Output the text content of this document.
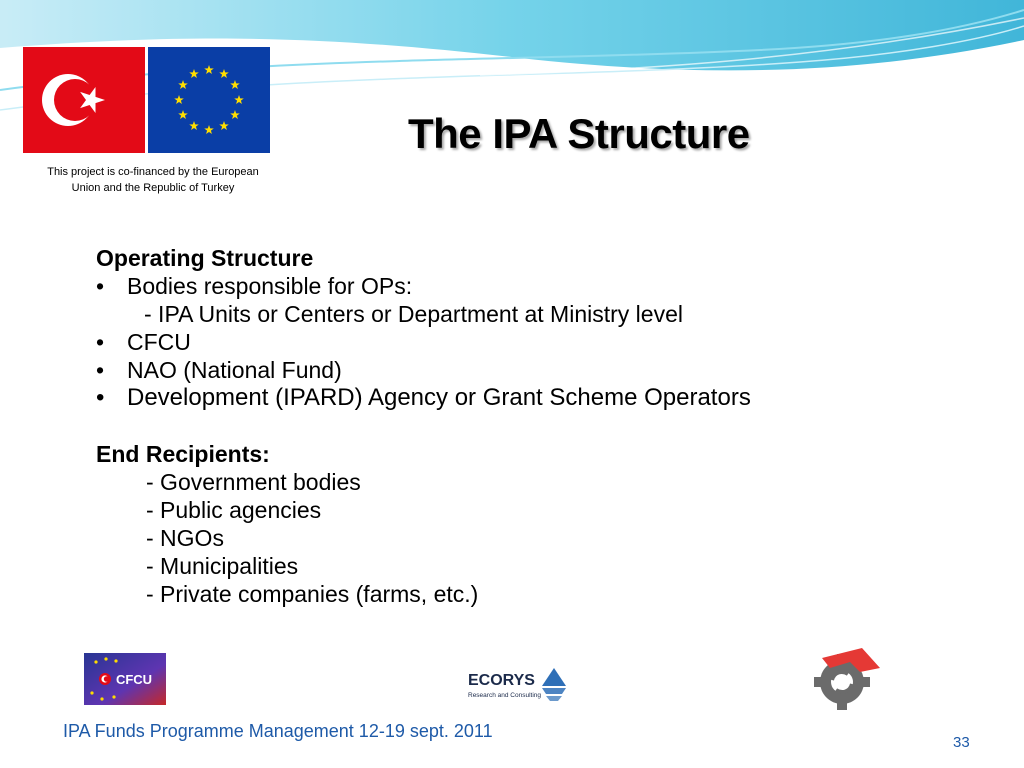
This project is co-financed by the European
Union and the Republic of Turkey
The IPA Structure
Operating Structure
• Bodies responsible for OPs:
- IPA Units or Centers or Department at Ministry level
• CFCU
• NAO (National Fund)
• Development (IPARD) Agency or Grant Scheme Operators
End Recipients:
- Government bodies
- Public agencies
- NGOs
- Municipalities
- Private companies (farms, etc.)
CFCU	ECORYS
Research and Consulting
IPA Funds Programme Management 12-19 sept. 2011
33
